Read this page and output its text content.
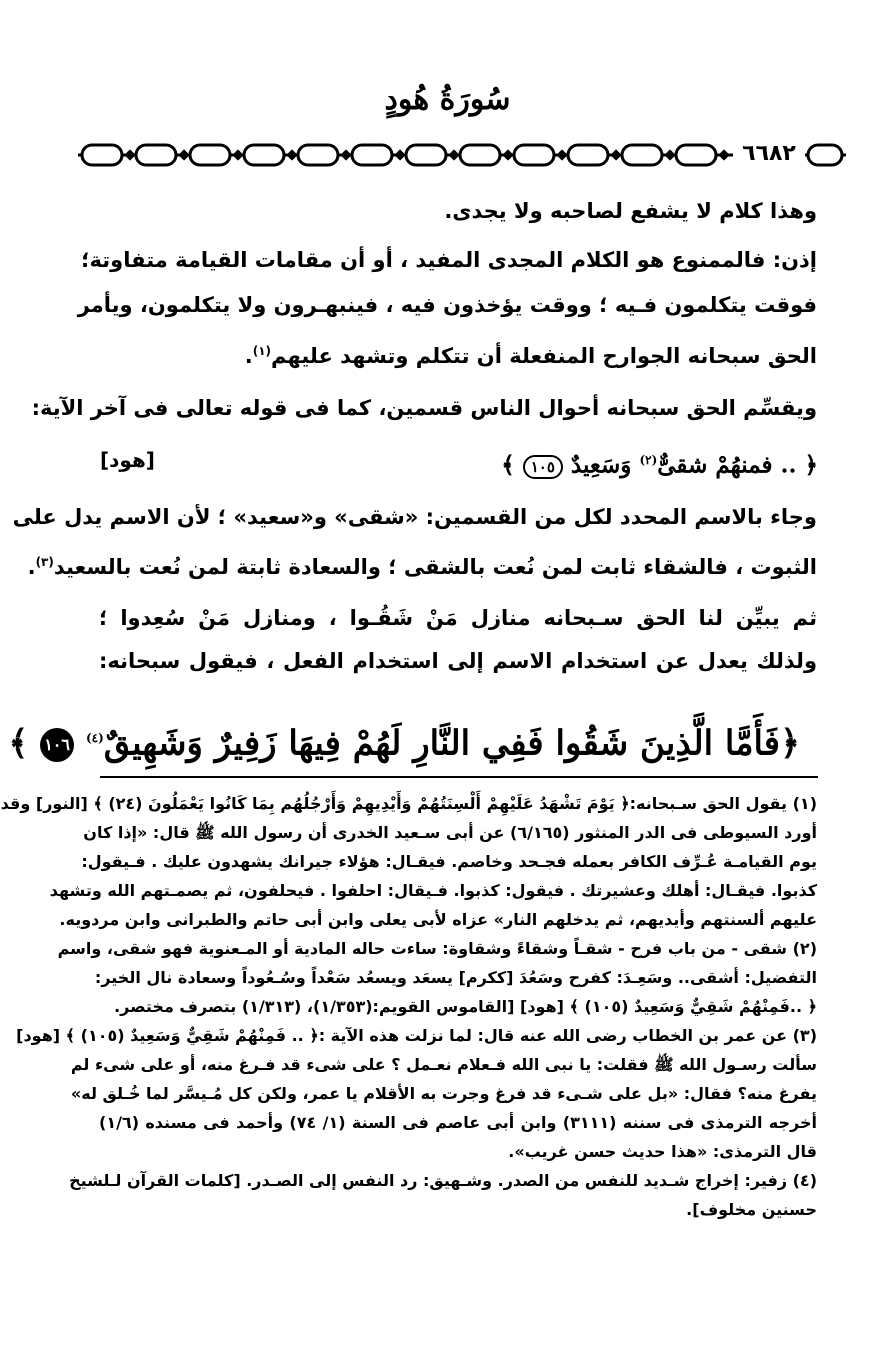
سُورَةُ هُودٍ
٦٦٨٢
وهذا كلام لا يشفع لصاحبه ولا يجدى.
إذن: فالممنوع هو الكلام المجدى المفيد ، أو أن مقامات القيامة متفاوتة؛
فوقت يتكلمون فـيه ؛ ووقت يؤخذون فيه ، فينبهـرون ولا يتكلمون، ويأمر
الحق سبحانه الجوارح المنفعلة أن تتكلم وتشهد عليهم$^{(١)}$.
ويقسِّم الحق سبحانه أحوال الناس قسمين، كما فى قوله تعالى فى آخر الآية:
﴿ .. فمنهُمْ شقىٌّ$^{(٢)}$ وَسَعِيدٌ ١٠٥ ﴾
[هود]
وجاء بالاسم المحدد لكل من القسمين: «شقى» و«سعيد» ؛ لأن الاسم يدل على
الثبوت ، فالشقاء ثابت لمن نُعت بالشقى ؛ والسعادة ثابتة لمن نُعت بالسعيد$^{(٣)}$.
ثم يبيِّن لنا الحق سـبحانه منازل مَنْ شَقُـوا ، ومنازل مَنْ سُعِدوا ؛
ولذلك يعدل عن استخدام الاسم إلى استخدام الفعل ، فيقول سبحانه:
﴿فَأَمَّا الَّذِينَ شَقُوا فَفِي النَّارِ لَهُمْ فِيهَا زَفِيرٌ وَشَهِيقٌ$^{(٤)}$ ١٠٦ ﴾
(١) يقول الحق سـبحانه:﴿ يَوْمَ تَشْهَدُ عَلَيْهِمْ أَلْسِنَتُهُمْ وَأَيْدِيهِمْ وَأَرْجُلُهُم بِمَا كَانُوا يَعْمَلُونَ (٢٤) ﴾ [النور] وقد
أورد السيوطى فى الدر المنثور (٦/١٦٥) عن أبى سـعيد الخدرى أن رسول الله ﷺ قال: «إذا كان
يوم القيامـة عُـرِّف الكافر بعمله فجـحد وخاصم. فيقـال: هؤلاء جيرانك يشهدون عليك . فـيقول:
كذبوا. فيقـال: أهلك وعشيرتك . فيقول: كذبوا. فـيقال: احلفوا . فيحلفون، ثم يصمـتهم الله وتشهد
عليهم ألسنتهم وأيديهم، ثم يدخلهم النار» عزاه لأبى يعلى وابن أبى حاتم والطبرانى وابن مردويه.
(٢) شقى - من باب فرح - شقـاً وشقاءً وشقاوة: ساءت حاله المادية أو المـعنوية فهو شقى، واسم
التفضيل: أشقى.. وسَعِـدَ: كفرح وسَعُدَ [ككرم] يسعَد ويسعُد سَعْداً وسُـعُوداً وسعادة نال الخير:
﴿ ..فَمِنْهُمْ شَقِيٌّ وَسَعِيدٌ (١٠٥) ﴾ [هود] [القاموس القويم:(١/٣٥٣)، (١/٣١٣) بتصرف مختصر.
(٣) عن عمر بن الخطاب رضى الله عنه قال: لما نزلت هذه الآية :﴿ .. فَمِنْهُمْ شَقِيٌّ وَسَعِيدٌ (١٠٥) ﴾ [هود]
سألت رسـول الله ﷺ فقلت: يا نبى الله فـعلام نعـمل ؟ على شىء قد فـرغ منه، أو على شىء لم
يفرغ منه؟ فقال: «بل على شـىء قد فرغ وجرت به الأقلام يا عمر، ولكن كل مُـيسَّر لما خُـلق له»
أخرجه الترمذى فى سننه (٣١١١) وابن أبى عاصم فى السنة (١/ ٧٤) وأحمد فى مسنده (١/٦)
قال الترمذى: «هذا حديث حسن غريب».
(٤) زفير: إخراج شـديد للنفس من الصدر. وشـهيق: رد النفس إلى الصـدر. [كلمات القرآن لـلشيخ
حسنين مخلوف].
